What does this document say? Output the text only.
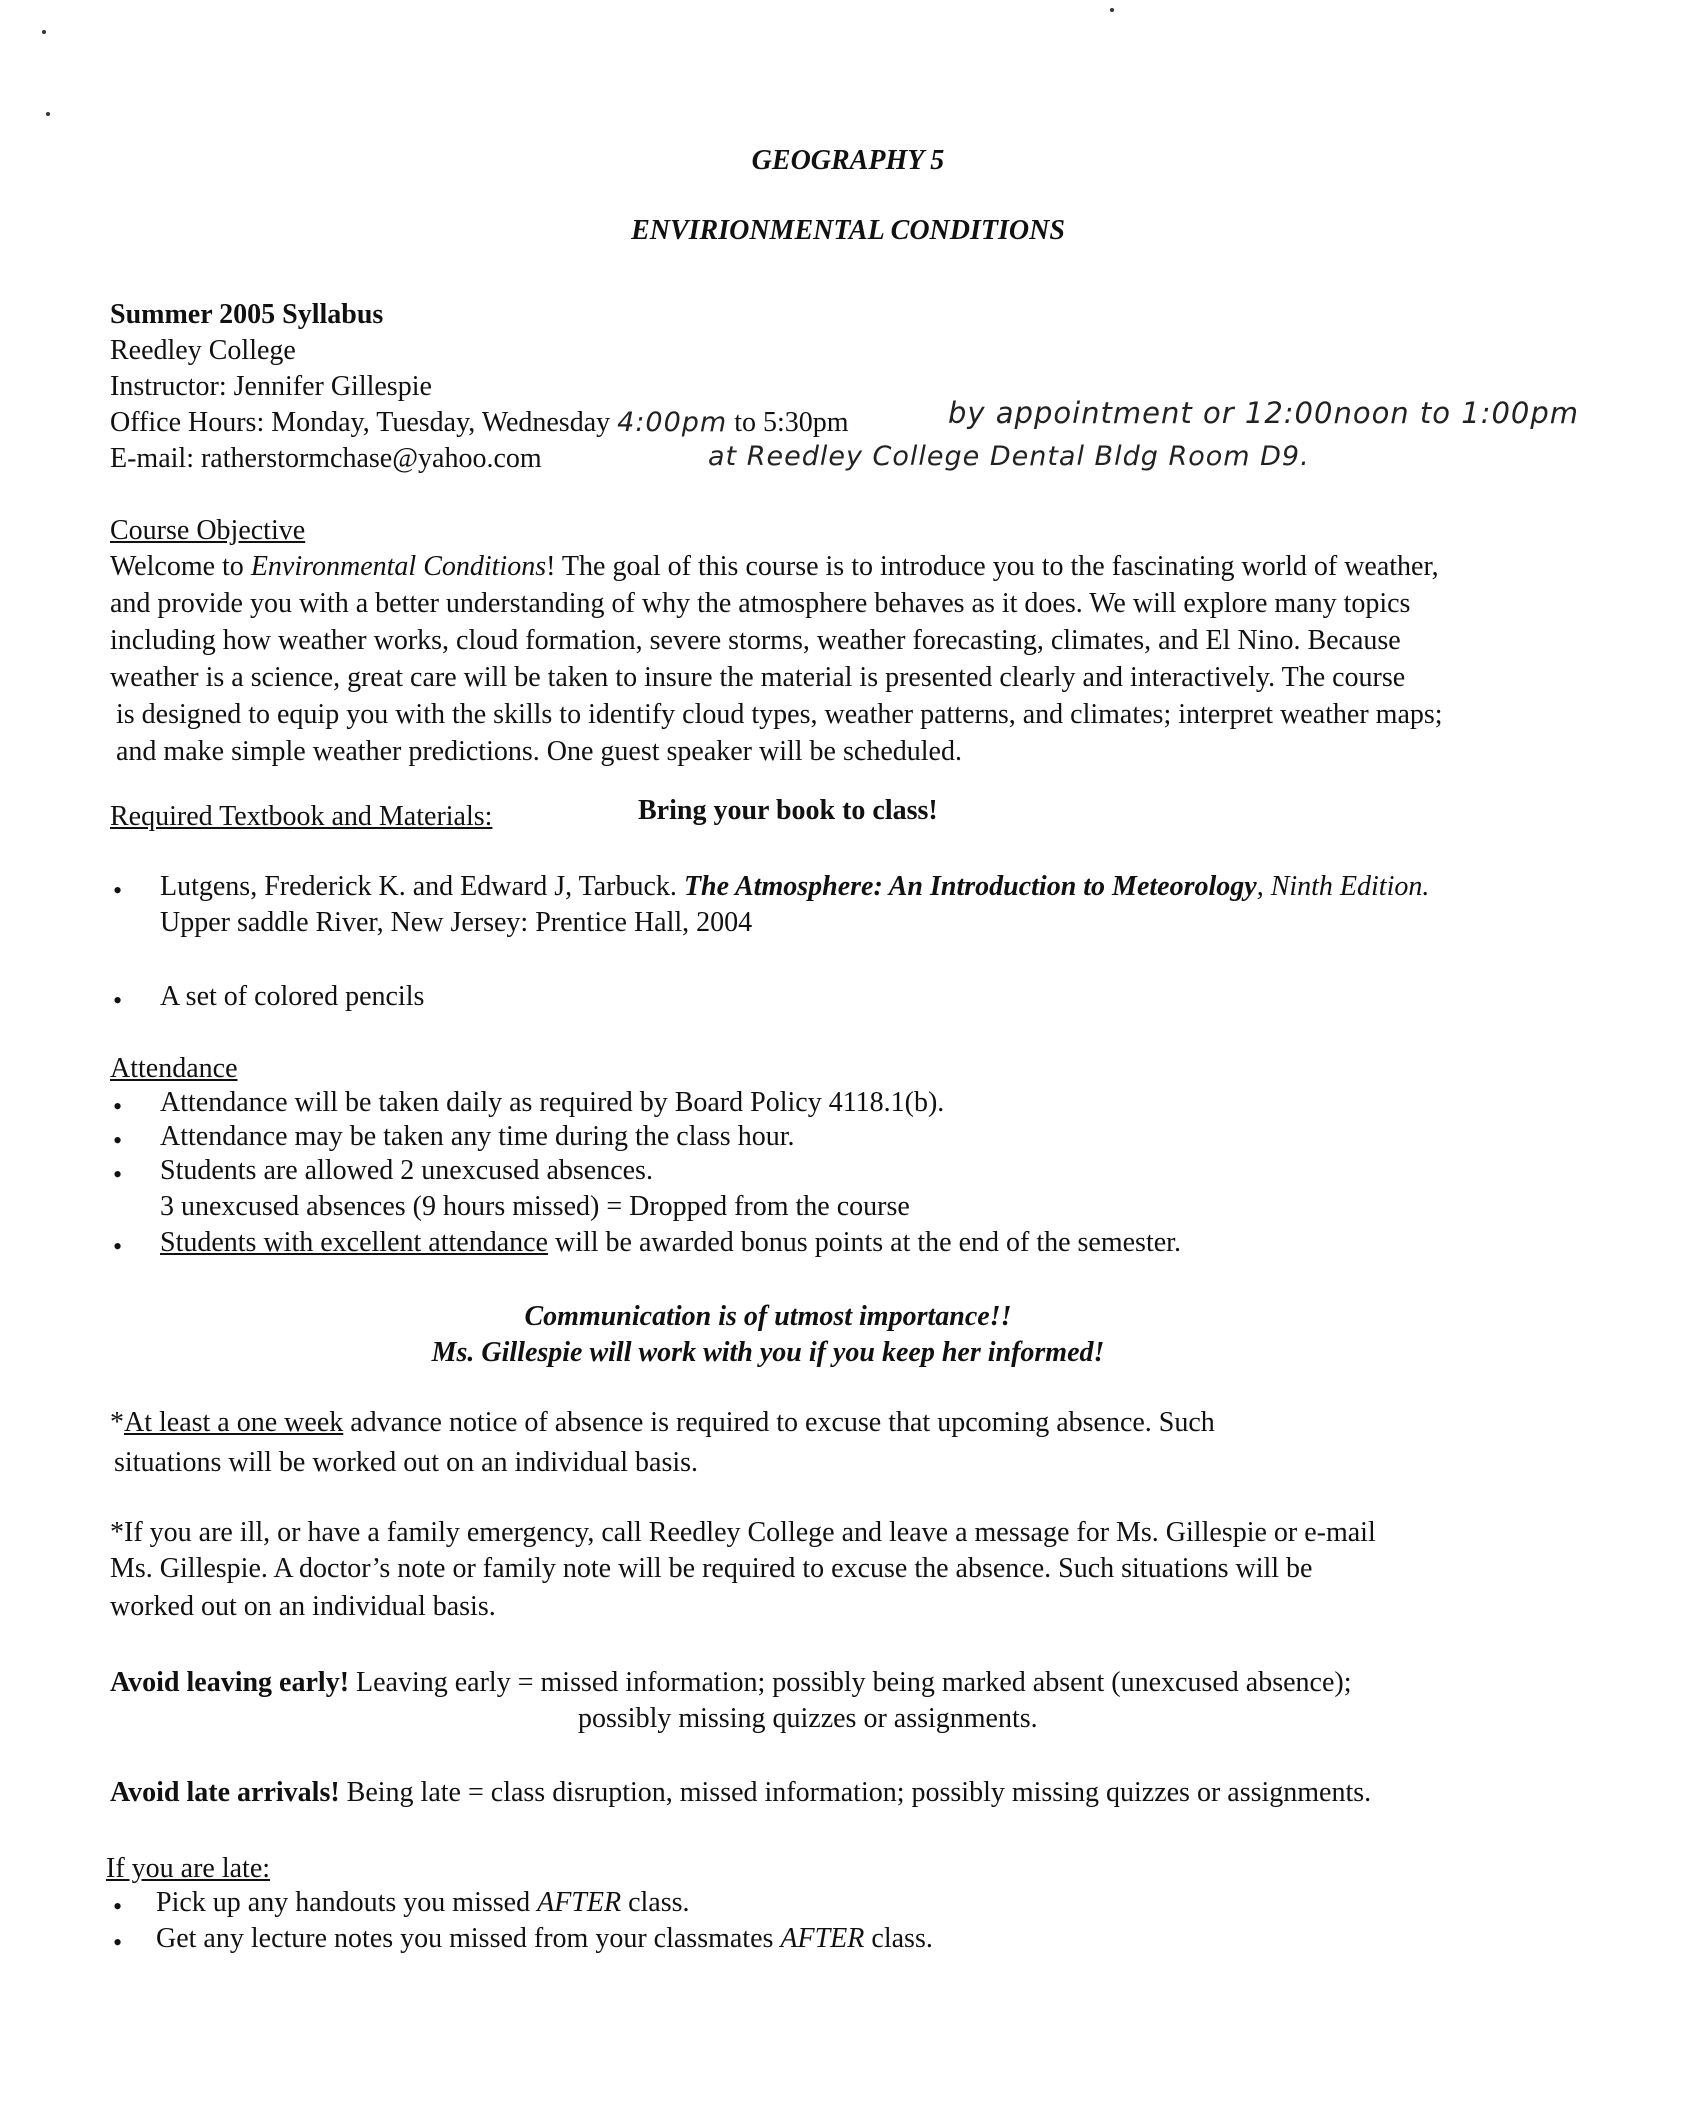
GEOGRAPHY 5
ENVIRIONMENTAL CONDITIONS
Summer 2005 Syllabus
Reedley College
Instructor: Jennifer Gillespie
Office Hours: Monday, Tuesday, Wednesday 4:00pm to 5:30pm	by appointment or 12:00noon to 1:00pm
E-mail: ratherstormchase@yahoo.com	at Reedley College Dental Bldg Room D9.
Course Objective
Welcome to Environmental Conditions! The goal of this course is to introduce you to the fascinating world of weather,
and provide you with a better understanding of why the atmosphere behaves as it does. We will explore many topics
including how weather works, cloud formation, severe storms, weather forecasting, climates, and El Nino. Because
weather is a science, great care will be taken to insure the material is presented clearly and interactively. The course
is designed to equip you with the skills to identify cloud types, weather patterns, and climates; interpret weather maps;
and make simple weather predictions. One guest speaker will be scheduled.
Required Textbook and Materials:	Bring your book to class!
• Lutgens, Frederick K. and Edward J, Tarbuck. The Atmosphere: An Introduction to Meteorology, Ninth Edition.
Upper saddle River, New Jersey: Prentice Hall, 2004
• A set of colored pencils
Attendance
• Attendance will be taken daily as required by Board Policy 4118.1(b).
• Attendance may be taken any time during the class hour.
• Students are allowed 2 unexcused absences.
3 unexcused absences (9 hours missed) = Dropped from the course
• Students with excellent attendance will be awarded bonus points at the end of the semester.
Communication is of utmost importance!!
Ms. Gillespie will work with you if you keep her informed!
*At least a one week advance notice of absence is required to excuse that upcoming absence. Such
situations will be worked out on an individual basis.
*If you are ill, or have a family emergency, call Reedley College and leave a message for Ms. Gillespie or e-mail
Ms. Gillespie. A doctor’s note or family note will be required to excuse the absence. Such situations will be
worked out on an individual basis.
Avoid leaving early! Leaving early = missed information; possibly being marked absent (unexcused absence);
possibly missing quizzes or assignments.
Avoid late arrivals! Being late = class disruption, missed information; possibly missing quizzes or assignments.
If you are late:
• Pick up any handouts you missed AFTER class.
• Get any lecture notes you missed from your classmates AFTER class.
